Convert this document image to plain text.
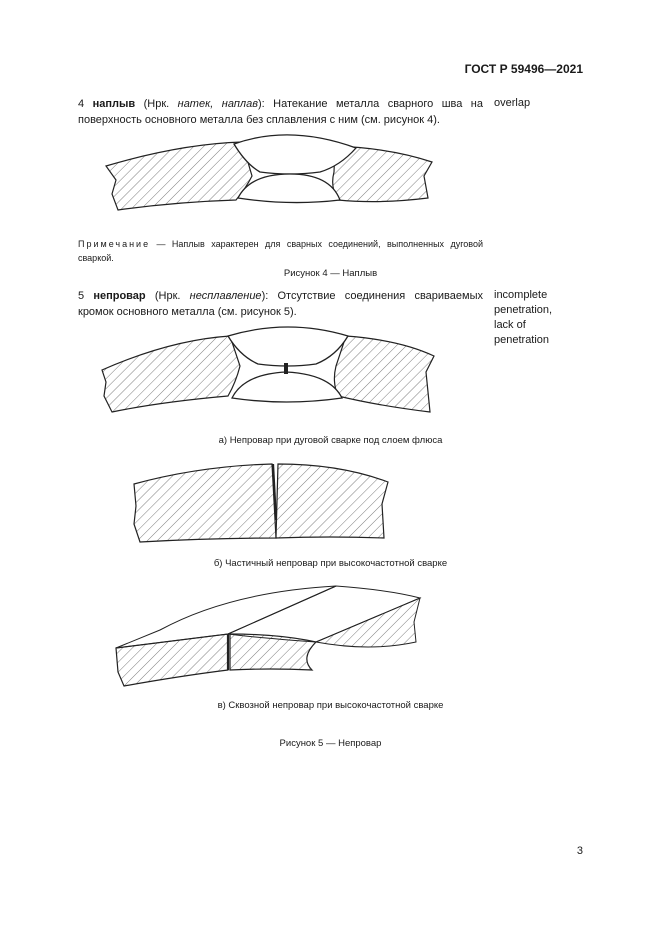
ГОСТ Р 59496—2021
4 наплыв (Нрк. натек, наплав): Натекание металла сварного шва на поверхность основного металла без сплавления с ним (см. рисунок 4).
overlap
Примечание — Наплыв характерен для сварных соединений, выполненных дуговой сваркой.
Рисунок 4 — Наплыв
5 непровар (Нрк. несплавление): Отсутствие соединения свариваемых кромок основного металла (см. рисунок 5).
incomplete
penetration,
lack of
penetration
а) Непровар при дуговой сварке под слоем флюса
б) Частичный непровар при высокочастотной сварке
в) Сквозной непровар при высокочастотной сварке
Рисунок 5 — Непровар
3
